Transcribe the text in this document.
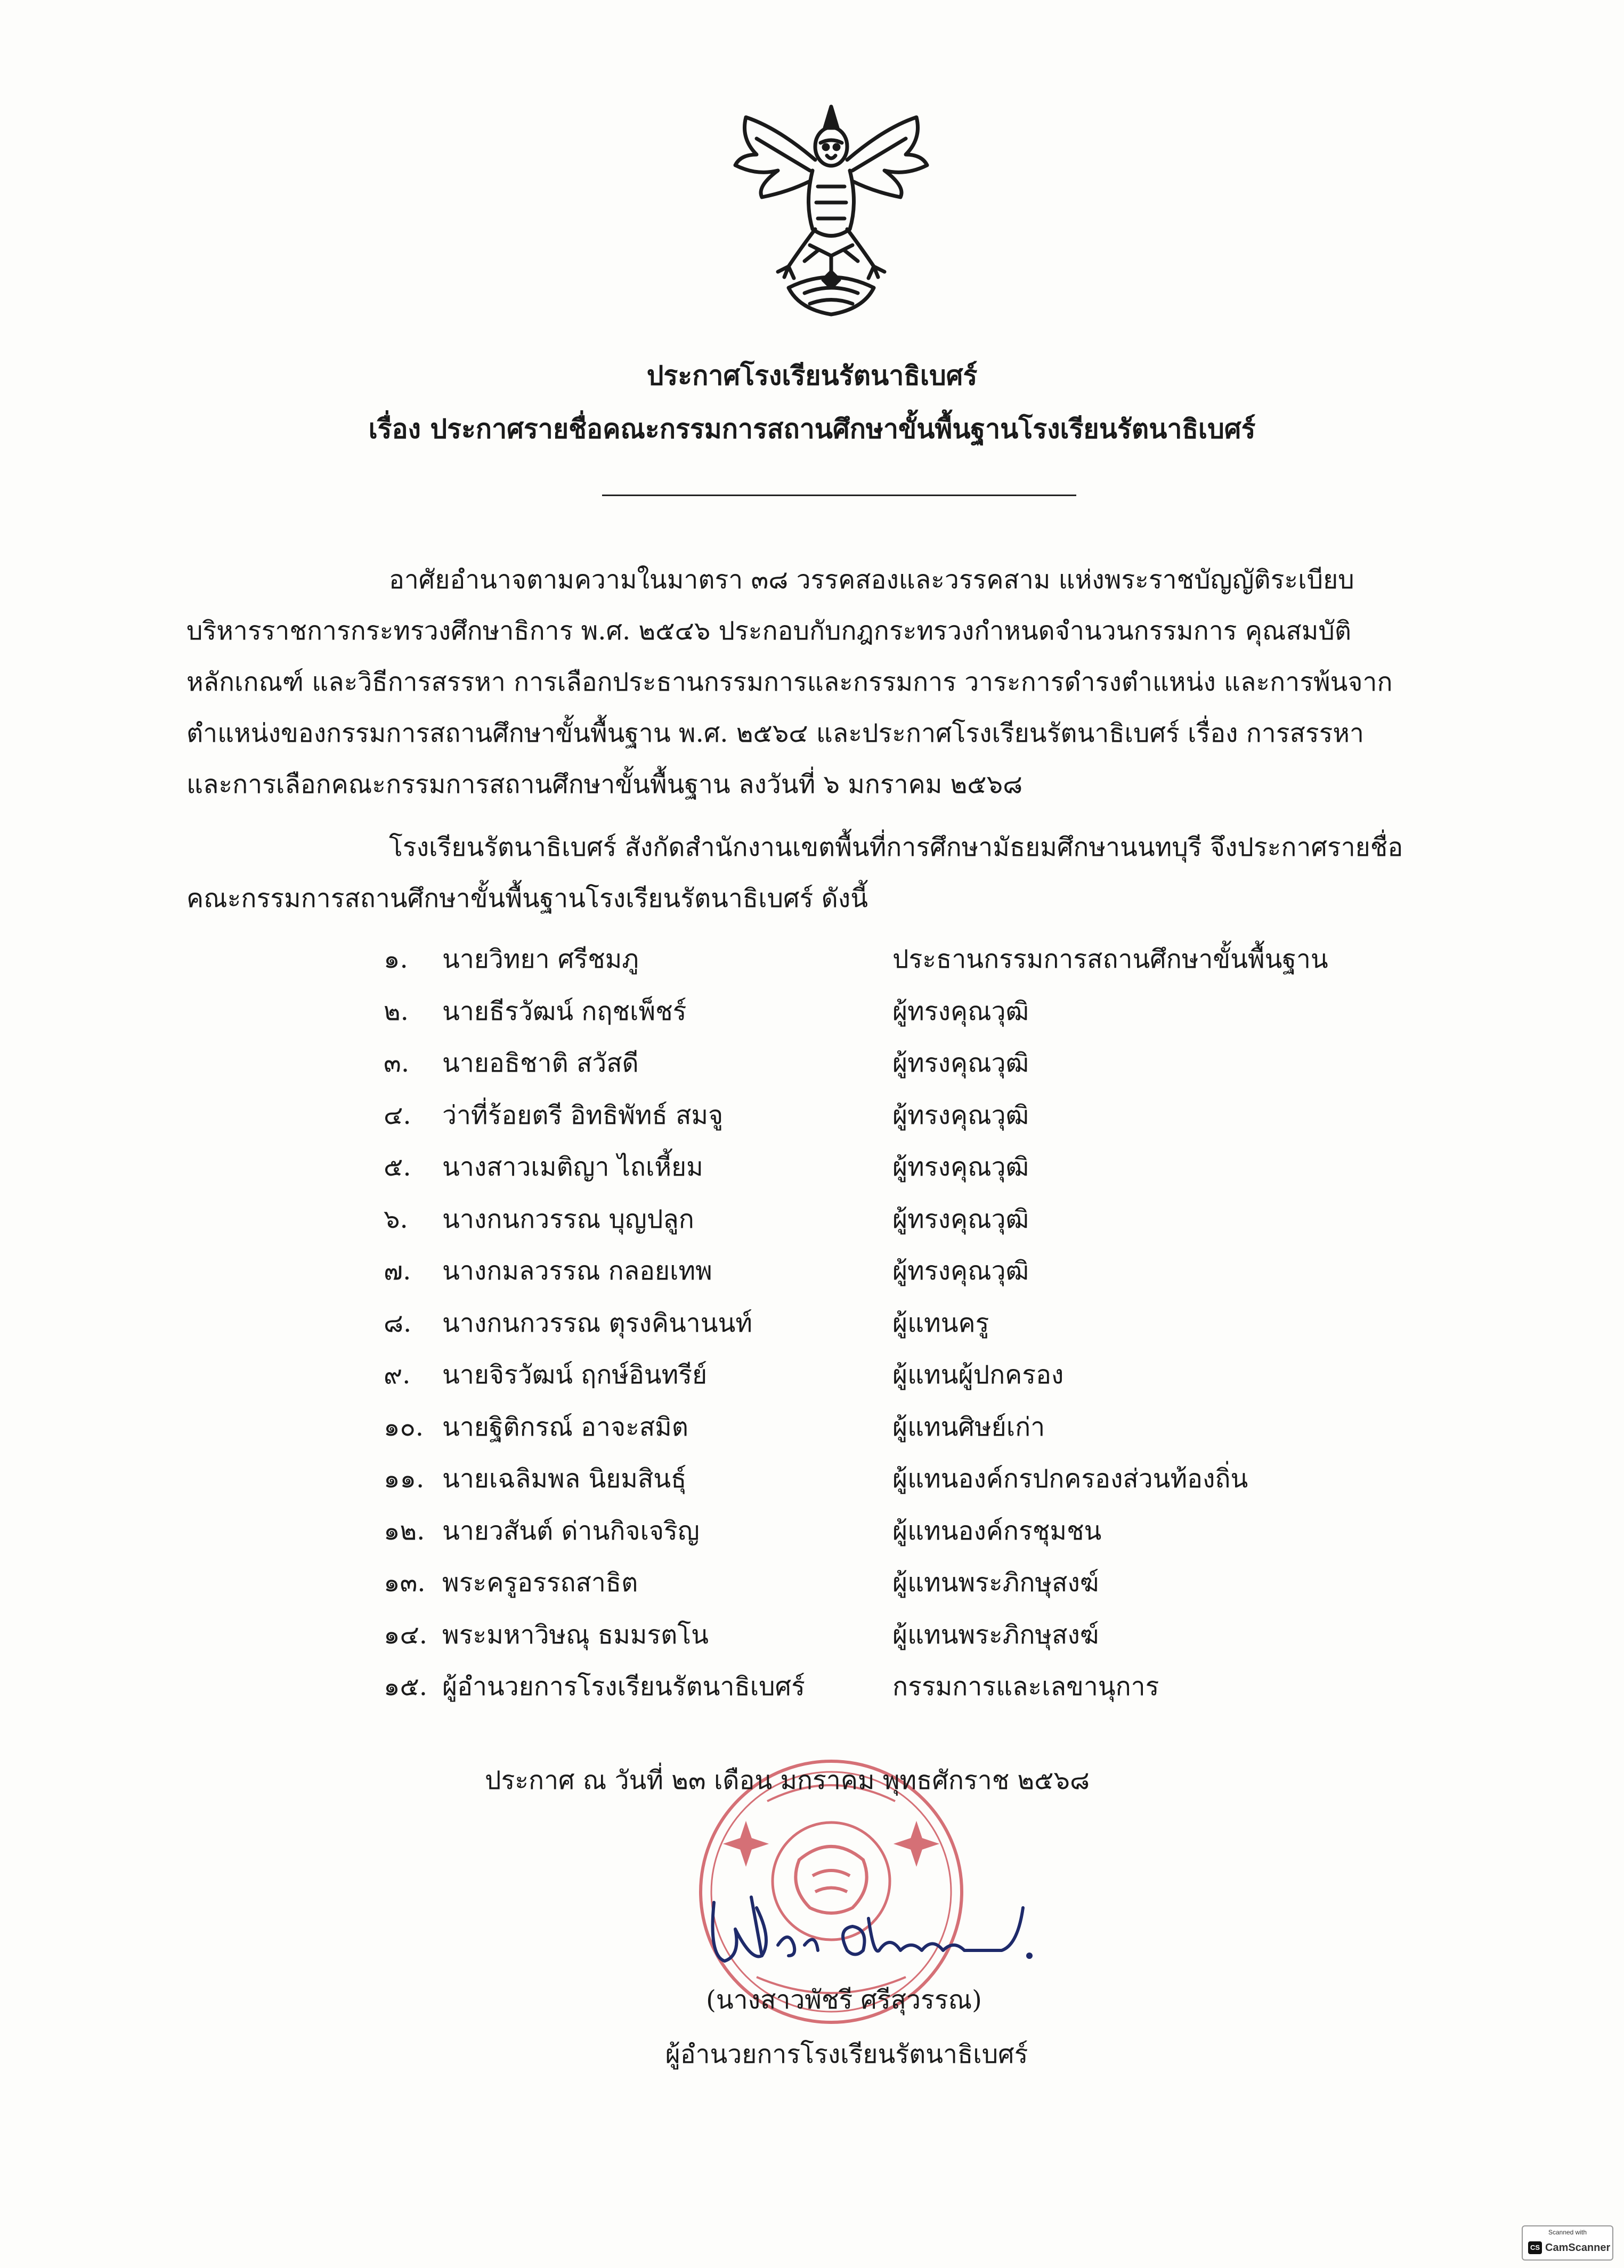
ประกาศโรงเรียนรัตนาธิเบศร์
เรื่อง ประกาศรายชื่อคณะกรรมการสถานศึกษาขั้นพื้นฐานโรงเรียนรัตนาธิเบศร์
อาศัยอำนาจตามความในมาตรา ๓๘ วรรคสองและวรรคสาม แห่งพระราชบัญญัติระเบียบ
บริหารราชการกระทรวงศึกษาธิการ พ.ศ. ๒๕๔๖ ประกอบกับกฎกระทรวงกำหนดจำนวนกรรมการ คุณสมบัติ
หลักเกณฑ์ และวิธีการสรรหา การเลือกประธานกรรมการและกรรมการ วาระการดำรงตำแหน่ง และการพ้นจาก
ตำแหน่งของกรรมการสถานศึกษาขั้นพื้นฐาน พ.ศ. ๒๕๖๔ และประกาศโรงเรียนรัตนาธิเบศร์ เรื่อง การสรรหา
และการเลือกคณะกรรมการสถานศึกษาขั้นพื้นฐาน ลงวันที่ ๖ มกราคม ๒๕๖๘
โรงเรียนรัตนาธิเบศร์ สังกัดสำนักงานเขตพื้นที่การศึกษามัธยมศึกษานนทบุรี จึงประกาศรายชื่อ
คณะกรรมการสถานศึกษาขั้นพื้นฐานโรงเรียนรัตนาธิเบศร์ ดังนี้
๑. นายวิทยา ศรีชมภู	ประธานกรรมการสถานศึกษาขั้นพื้นฐาน
๒. นายธีรวัฒน์ กฤชเพ็ชร์	ผู้ทรงคุณวุฒิ
๓. นายอธิชาติ สวัสดี	ผู้ทรงคุณวุฒิ
๔. ว่าที่ร้อยตรี อิทธิพัทธ์ สมจู	ผู้ทรงคุณวุฒิ
๕. นางสาวเมติญา ไถเหี้ยม	ผู้ทรงคุณวุฒิ
๖. นางกนกวรรณ บุญปลูก	ผู้ทรงคุณวุฒิ
๗. นางกมลวรรณ กลอยเทพ	ผู้ทรงคุณวุฒิ
๘. นางกนกวรรณ ตุรงคินานนท์	ผู้แทนครู
๙. นายจิรวัฒน์ ฤกษ์อินทรีย์	ผู้แทนผู้ปกครอง
๑๐. นายฐิติกรณ์ อาจะสมิต	ผู้แทนศิษย์เก่า
๑๑. นายเฉลิมพล นิยมสินธุ์	ผู้แทนองค์กรปกครองส่วนท้องถิ่น
๑๒. นายวสันต์ ด่านกิจเจริญ	ผู้แทนองค์กรชุมชน
๑๓. พระครูอรรถสาธิต	ผู้แทนพระภิกษุสงฆ์
๑๔. พระมหาวิษณุ ธมมรตโน	ผู้แทนพระภิกษุสงฆ์
๑๕. ผู้อำนวยการโรงเรียนรัตนาธิเบศร์	กรรมการและเลขานุการ
ประกาศ ณ วันที่ ๒๓ เดือน มกราคม พุทธศักราช ๒๕๖๘
(นางสาวพัชรี ศรีสุวรรณ)
ผู้อำนวยการโรงเรียนรัตนาธิเบศร์
Scanned with
CS CamScanner
